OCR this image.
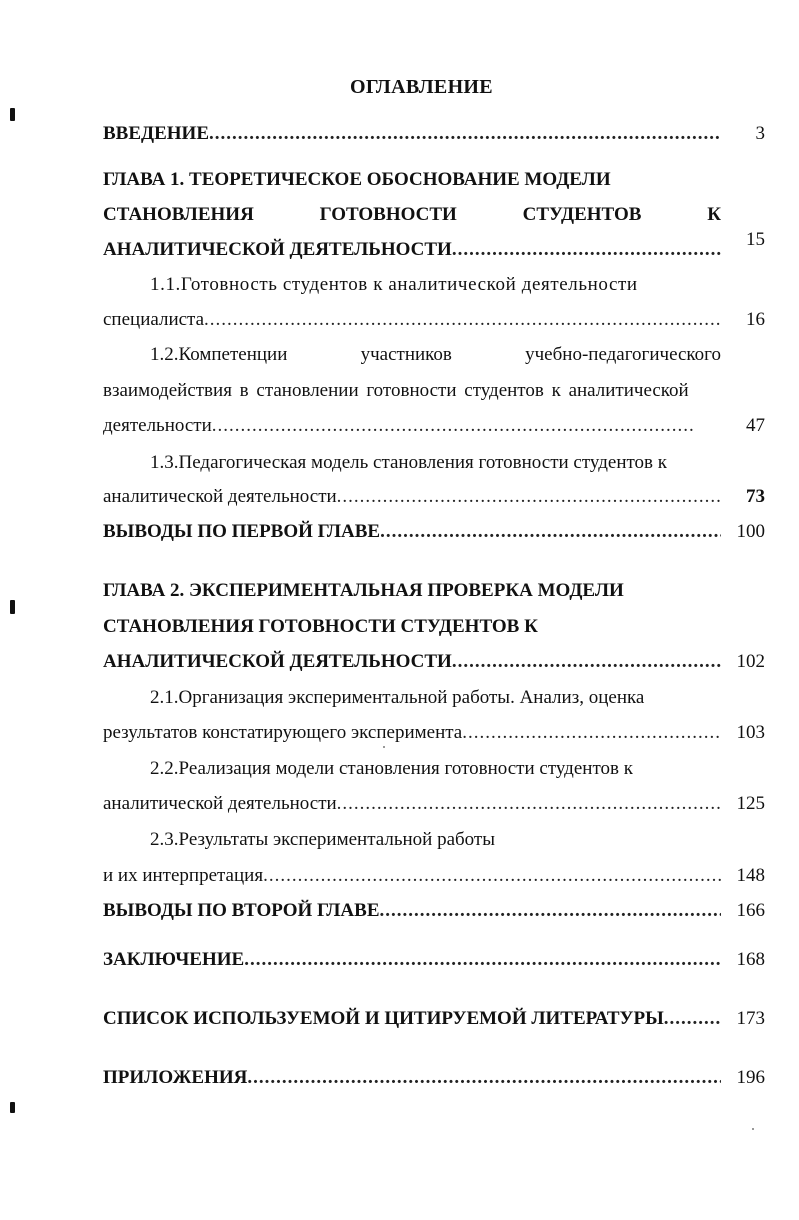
ОГЛАВЛЕНИЕ
ВВЕДЕНИЕ .....	3
ГЛАВА 1. ТЕОРЕТИЧЕСКОЕ ОБОСНОВАНИЕ МОДЕЛИ
СТАНОВЛЕНИЯ	ГОТОВНОСТИ	СТУДЕНТОВ	К
АНАЛИТИЧЕСКОЙ ДЕЯТЕЛЬНОСТИ .....	15
1.1.Готовность студентов к аналитической деятельности
специалиста .....	16
1.2.Компетенции	участников	учебно-педагогического
взаимодействия в становлении готовности студентов к аналитической
деятельности .....	47
1.3.Педагогическая модель становления готовности студентов к
аналитической деятельности .....	73
ВЫВОДЫ ПО ПЕРВОЙ ГЛАВЕ .....	100
ГЛАВА 2. ЭКСПЕРИМЕНТАЛЬНАЯ ПРОВЕРКА МОДЕЛИ
СТАНОВЛЕНИЯ ГОТОВНОСТИ СТУДЕНТОВ К
АНАЛИТИЧЕСКОЙ ДЕЯТЕЛЬНОСТИ .....	102
2.1.Организация экспериментальной работы. Анализ, оценка
результатов констатирующего эксперимента .....	103
2.2.Реализация модели становления готовности студентов к
аналитической деятельности .....	125
2.3.Результаты экспериментальной работы
и их интерпретация .....	148
ВЫВОДЫ ПО ВТОРОЙ ГЛАВЕ .....	166
ЗАКЛЮЧЕНИЕ .....	168
СПИСОК ИСПОЛЬЗУЕМОЙ И ЦИТИРУЕМОЙ ЛИТЕРАТУРЫ .....	173
ПРИЛОЖЕНИЯ .....	196
